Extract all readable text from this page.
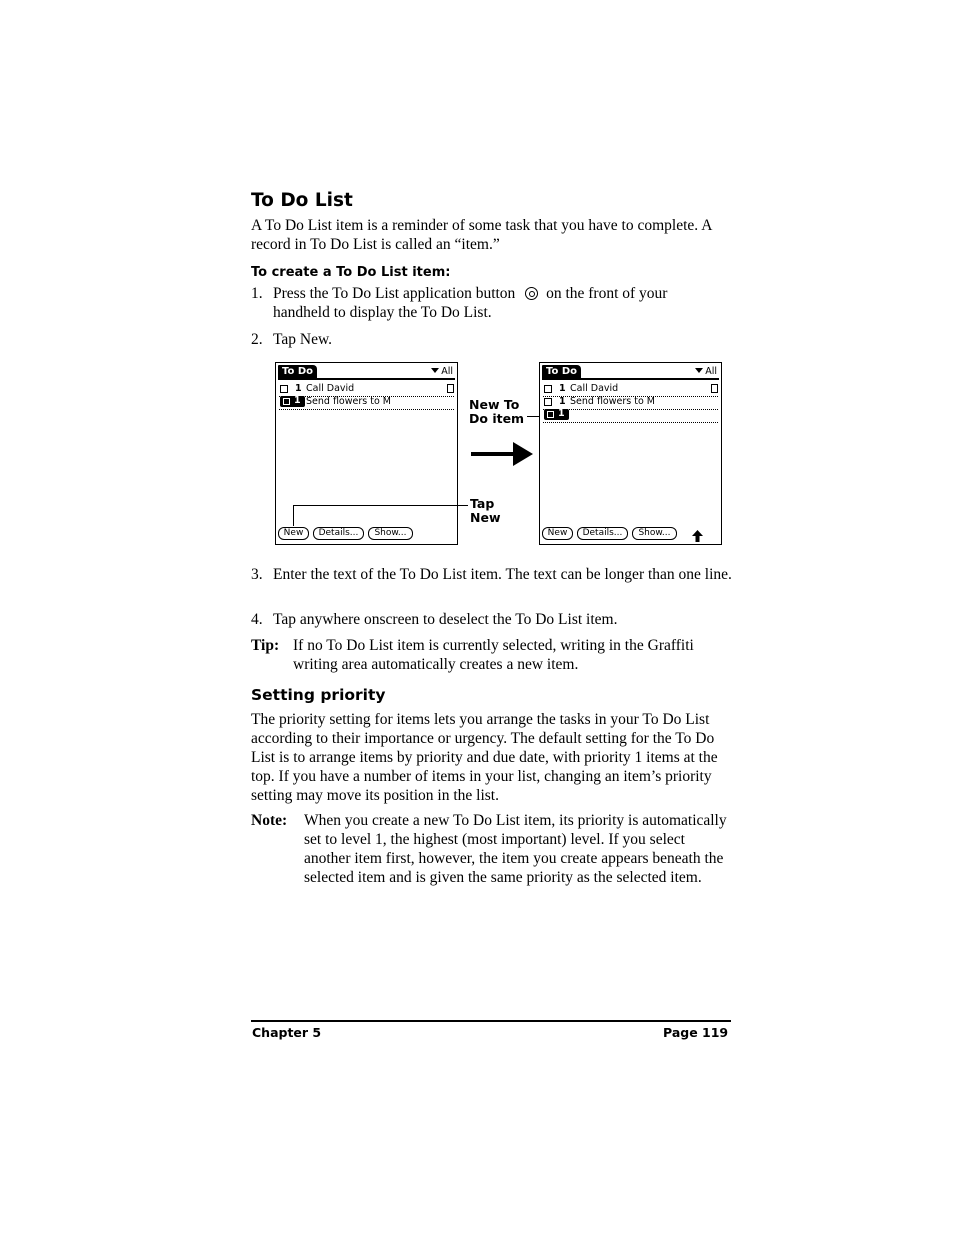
To Do List

A To Do List item is a reminder of some task that you have to complete. A record in To Do List is called an “item.”

To create a To Do List item:

1. Press the To Do List application button on the front of your
handheld to display the To Do List.
2. Tap New.
To Do	All
1 Call David
1 Send flowers to M
New	Details...	Show...
New To
Do item
Tap
New
To Do	All
1 Call David
1 Send flowers to M
1
New	Details...	Show...
3. Enter the text of the To Do List item. The text can be longer than one line.
4. Tap anywhere onscreen to deselect the To Do List item.
Tip: If no To Do List item is currently selected, writing in the Graffiti writing area automatically creates a new item.
Setting priority

The priority setting for items lets you arrange the tasks in your To Do List according to their importance or urgency. The default setting for the To Do List is to arrange items by priority and due date, with priority 1 items at the top. If you have a number of items in your list, changing an item’s priority setting may move its position in the list.

Note: When you create a new To Do List item, its priority is automatically set to level 1, the highest (most important) level. If you select another item first, however, the item you create appears beneath the selected item and is given the same priority as the selected item.
Chapter 5	Page 119
